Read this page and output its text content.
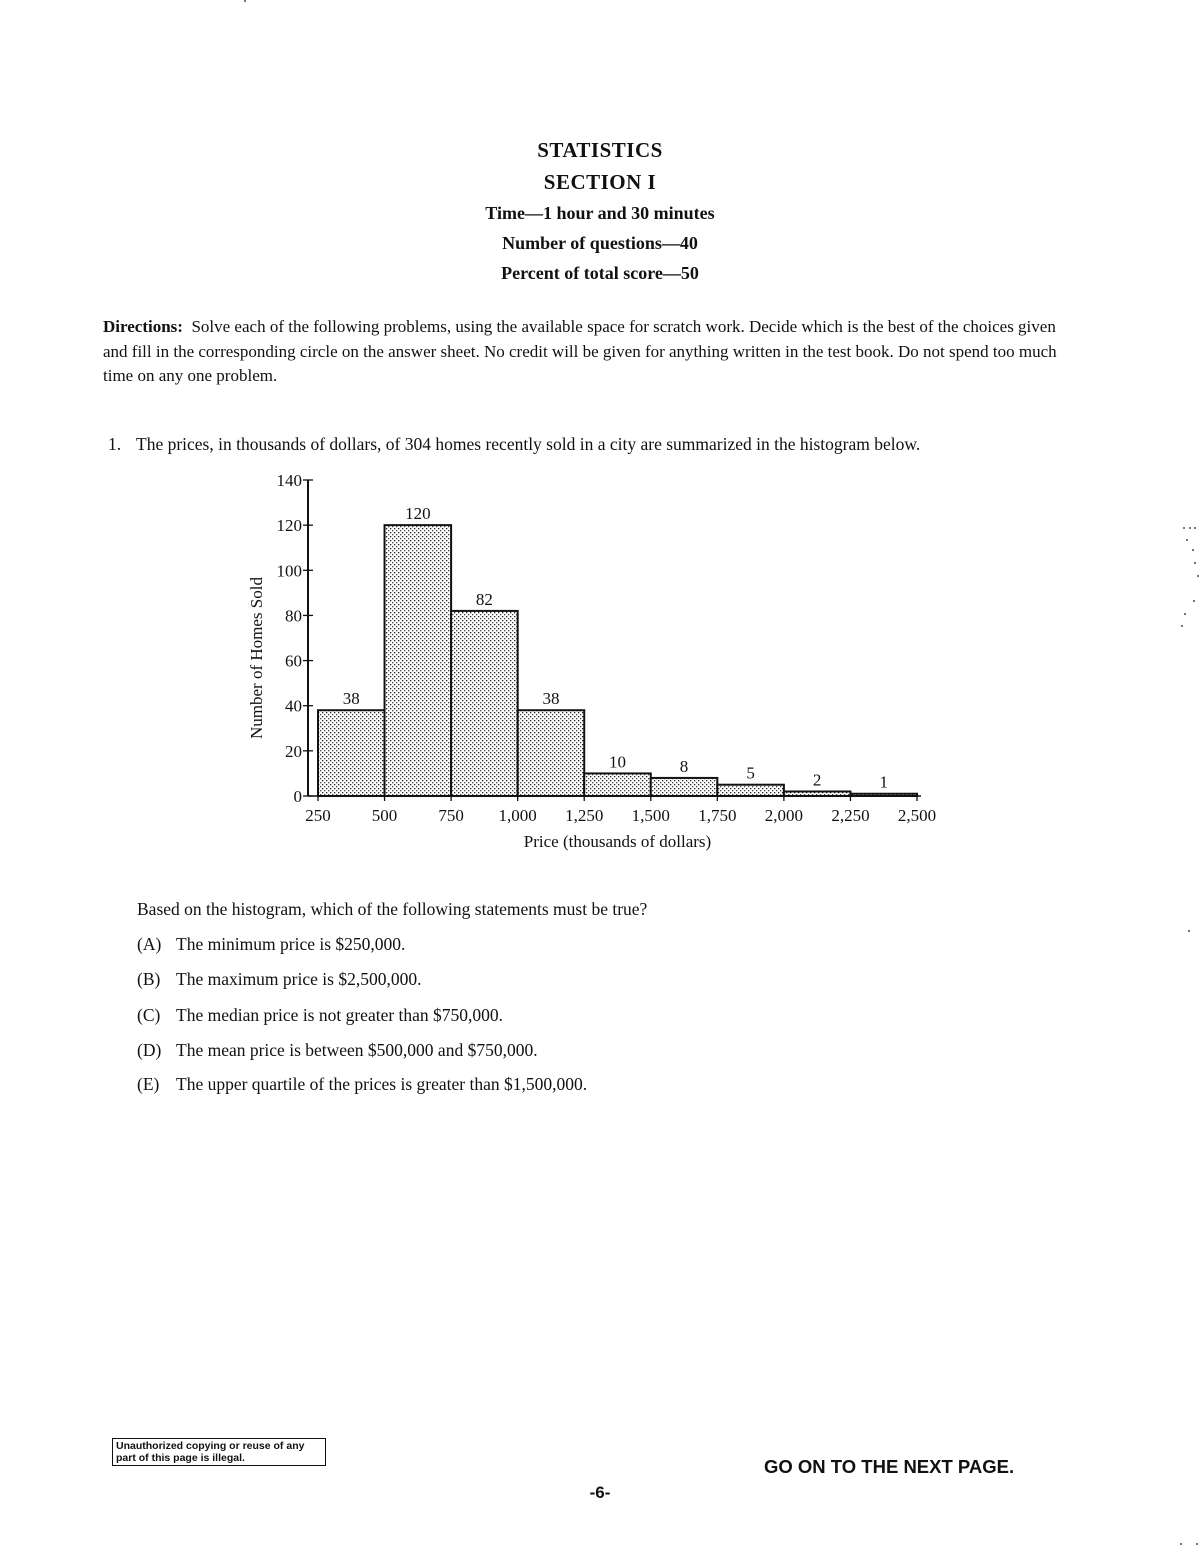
STATISTICS
SECTION I
Time—1 hour and 30 minutes
Number of questions—40
Percent of total score—50
Directions: Solve each of the following problems, using the available space for scratch work. Decide which is the best of the choices given and fill in the corresponding circle on the answer sheet. No credit will be given for anything written in the test book. Do not spend too much time on any one problem.
1. The prices, in thousands of dollars, of 304 homes recently sold in a city are summarized in the histogram below.
38
120
82
38
10	8	5	2	1
0
20
40
60
80
100
120
140
250 500 750 1,000 1,250 1,500 1,750 2,000 2,250 2,500
Number of Homes Sold
Price (thousands of dollars)
Based on the histogram, which of the following statements must be true?
(A) The minimum price is $250,000.
(B) The maximum price is $2,500,000.
(C) The median price is not greater than $750,000.
(D) The mean price is between $500,000 and $750,000.
(E) The upper quartile of the prices is greater than $1,500,000.
Unauthorized copying or reuse of any part of this page is illegal.	GO ON TO THE NEXT PAGE.
-6-
